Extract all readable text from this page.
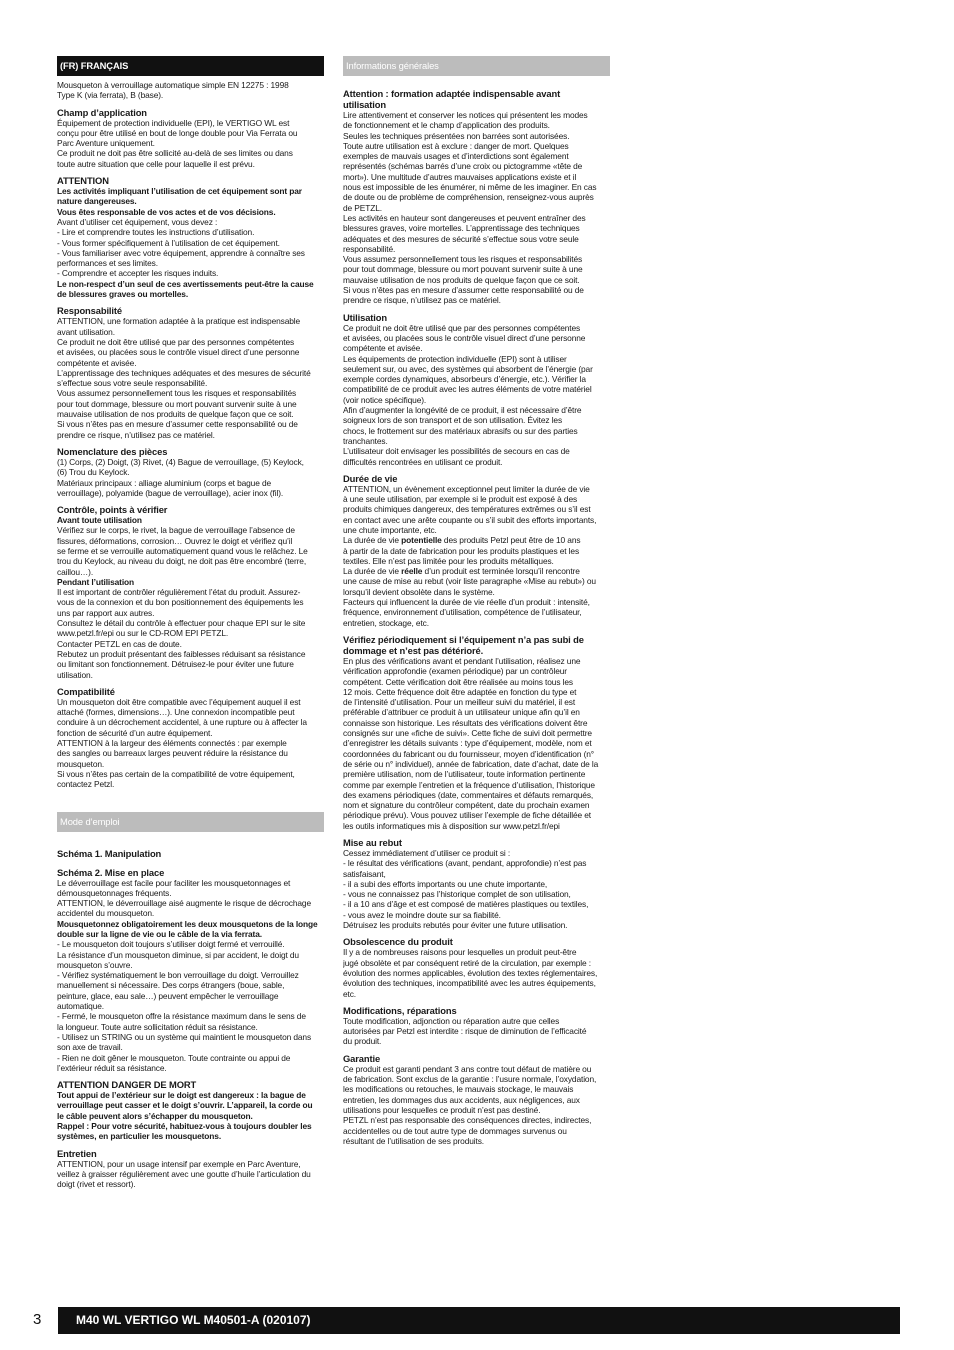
(FR) FRANÇAIS

Mousqueton à verrouillage automatique simple EN 12275 : 1998

Type K (via ferrata), B (base).

Champ d’application

Équipement de protection individuelle (EPI), le VERTIGO WL est

conçu pour être utilisé en bout de longe double pour Via Ferrata ou

Parc Aventure uniquement.

Ce produit ne doit pas être sollicité au-delà de ses limites ou dans

toute autre situation que celle pour laquelle il est prévu.

ATTENTION

Les activités impliquant l’utilisation de cet équipement sont par

nature dangereuses.

Vous êtes responsable de vos actes et de vos décisions.

Avant d’utiliser cet équipement, vous devez :

- Lire et comprendre toutes les instructions d’utilisation.

- Vous former spécifiquement à l’utilisation de cet équipement.

- Vous familiariser avec votre équipement, apprendre à connaître ses

performances et ses limites.

- Comprendre et accepter les risques induits.

Le non-respect d’un seul de ces avertissements peut-être la cause

de blessures graves ou mortelles.

Responsabilité

ATTENTION, une formation adaptée à la pratique est indispensable

avant utilisation.

Ce produit ne doit être utilisé que par des personnes compétentes

et avisées, ou placées sous le contrôle visuel direct d’une personne

compétente et avisée.

L’apprentissage des techniques adéquates et des mesures de sécurité

s’effectue sous votre seule responsabilité.

Vous assumez personnellement tous les risques et responsabilités

pour tout dommage, blessure ou mort pouvant survenir suite à une

mauvaise utilisation de nos produits de quelque façon que ce soit.

Si vous n’êtes pas en mesure d’assumer cette responsabilité ou de

prendre ce risque, n’utilisez pas ce matériel.

Nomenclature des pièces

(1) Corps, (2) Doigt, (3) Rivet, (4) Bague de verrouillage, (5) Keylock,

(6) Trou du Keylock.

Matériaux principaux : alliage aluminium (corps et bague de

verrouillage), polyamide (bague de verrouillage), acier inox (fil).

Contrôle, points à vérifier
Avant toute utilisation

Vérifiez sur le corps, le rivet, la bague de verrouillage l’absence de

fissures, déformations, corrosion… Ouvrez le doigt et vérifiez qu’il

se ferme et se verrouille automatiquement quand vous le relâchez. Le

trou du Keylock, au niveau du doigt, ne doit pas être encombré (terre,

caillou…).

Pendant l’utilisation

Il est important de contrôler régulièrement l’état du produit. Assurez-

vous de la connexion et du bon positionnement des équipements les

uns par rapport aux autres.

Consultez le détail du contrôle à effectuer pour chaque EPI sur le site

www.petzl.fr/epi ou sur le CD-ROM EPI PETZL.

Contacter PETZL en cas de doute.

Rebutez un produit présentant des faiblesses réduisant sa résistance

ou limitant son fonctionnement. Détruisez-le pour éviter une future

utilisation.

Compatibilité

Un mousqueton doit être compatible avec l’équipement auquel il est

attaché (formes, dimensions…). Une connexion incompatible peut

conduire à un décrochement accidentel, à une rupture ou à affecter la

fonction de sécurité d’un autre équipement.

ATTENTION à la largeur des éléments connectés : par exemple

des sangles ou barreaux larges peuvent réduire la résistance du

mousqueton.

Si vous n’êtes pas certain de la compatibilité de votre équipement,

contactez Petzl.

Mode d’emploi
Schéma 1. Manipulation
Schéma 2. Mise en place

Le déverrouillage est facile pour faciliter les mousquetonnages et

démousquetonnages fréquents.

ATTENTION, le déverrouillage aisé augmente le risque de décrochage

accidentel du mousqueton.

Mousquetonnez obligatoirement les deux mousquetons de la longe

double sur la ligne de vie ou le câble de la via ferrata.

- Le mousqueton doit toujours s’utiliser doigt fermé et verrouillé.

La résistance d’un mousqueton diminue, si par accident, le doigt du

mousqueton s’ouvre.

- Vérifiez systématiquement le bon verrouillage du doigt. Verrouillez

manuellement si nécessaire. Des corps étrangers (boue, sable,

peinture, glace, eau sale…) peuvent empêcher le verrouillage

automatique.

- Fermé, le mousqueton offre la résistance maximum dans le sens de

la longueur. Toute autre sollicitation réduit sa résistance.

- Utilisez un STRING ou un système qui maintient le mousqueton dans

son axe de travail.

- Rien ne doit gêner le mousqueton. Toute contrainte ou appui de

l’extérieur réduit sa résistance.

ATTENTION DANGER DE MORT

Tout appui de l’extérieur sur le doigt est dangereux : la bague de

verrouillage peut casser et le doigt s’ouvrir. L’appareil, la corde ou

le câble peuvent alors s’échapper du mousqueton.

Rappel : Pour votre sécurité, habituez-vous à toujours doubler les

systèmes, en particulier les mousquetons.

Entretien

ATTENTION, pour un usage intensif par exemple en Parc Aventure,

veillez à graisser régulièrement avec une goutte d’huile l’articulation du

doigt (rivet et ressort).

Informations générales

Attention : formation adaptée indispensable avant

utilisation

Lire attentivement et conserver les notices qui présentent les modes

de fonctionnement et le champ d’application des produits.

Seules les techniques présentées non barrées sont autorisées.

Toute autre utilisation est à exclure : danger de mort. Quelques

exemples de mauvais usages et d’interdictions sont également

représentés (schémas barrés d’une croix ou pictogramme «tête de

mort»). Une multitude d’autres mauvaises applications existe et il

nous est impossible de les énumérer, ni même de les imaginer. En cas

de doute ou de problème de compréhension, renseignez-vous auprès

de PETZL.

Les activités en hauteur sont dangereuses et peuvent entraîner des

blessures graves, voire mortelles. L’apprentissage des techniques

adéquates et des mesures de sécurité s’effectue sous votre seule

responsabilité.

Vous assumez personnellement tous les risques et responsabilités

pour tout dommage, blessure ou mort pouvant survenir suite à une

mauvaise utilisation de nos produits de quelque façon que ce soit.

Si vous n’êtes pas en mesure d’assumer cette responsabilité ou de

prendre ce risque, n’utilisez pas ce matériel.

Utilisation

Ce produit ne doit être utilisé que par des personnes compétentes

et avisées, ou placées sous le contrôle visuel direct d’une personne

compétente et avisée.

Les équipements de protection individuelle (EPI) sont à utiliser

seulement sur, ou avec, des systèmes qui absorbent de l’énergie (par

exemple cordes dynamiques, absorbeurs d’énergie, etc.). Vérifier la

compatibilité de ce produit avec les autres éléments de votre matériel

(voir notice spécifique).

Afin d’augmenter la longévité de ce produit, il est nécessaire d’être

soigneux lors de son transport et de son utilisation. Évitez les

chocs, le frottement sur des matériaux abrasifs ou sur des parties

tranchantes.

L’utilisateur doit envisager les possibilités de secours en cas de

difficultés rencontrées en utilisant ce produit.

Durée de vie

ATTENTION, un évènement exceptionnel peut limiter la durée de vie

à une seule utilisation, par exemple si le produit est exposé à des

produits chimiques dangereux, des températures extrêmes ou s’il est

en contact avec une arête coupante ou s’il subit des efforts importants,

une chute importante, etc.

La durée de vie potentielle des produits Petzl peut être de 10 ans

à partir de la date de fabrication pour les produits plastiques et les

textiles. Elle n’est pas limitée pour les produits métalliques.

La durée de vie réelle d’un produit est terminée lorsqu’il rencontre

une cause de mise au rebut (voir liste paragraphe «Mise au rebut») ou

lorsqu’il devient obsolète dans le système.

Facteurs qui influencent la durée de vie réelle d’un produit : intensité,

fréquence, environnement d’utilisation, compétence de l’utilisateur,

entretien, stockage, etc.

Vérifiez périodiquement si l’équipement n’a pas subi de

dommage et n’est pas détérioré.

En plus des vérifications avant et pendant l’utilisation, réalisez une

vérification approfondie (examen périodique) par un contrôleur

compétent. Cette vérification doit être réalisée au moins tous les

12 mois. Cette fréquence doit être adaptée en fonction du type et

de l’intensité d’utilisation. Pour un meilleur suivi du matériel, il est

préférable d’attribuer ce produit à un utilisateur unique afin qu’il en

connaisse son historique. Les résultats des vérifications doivent être

consignés sur une «fiche de suivi». Cette fiche de suivi doit permettre

d’enregistrer les détails suivants : type d’équipement, modèle, nom et

coordonnées du fabricant ou du fournisseur, moyen d’identification (n°

de série ou n° individuel), année de fabrication, date d’achat, date de la

première utilisation, nom de l’utilisateur, toute information pertinente

comme par exemple l’entretien et la fréquence d’utilisation, l’historique

des examens périodiques (date, commentaires et défauts remarqués,

nom et signature du contrôleur compétent, date du prochain examen

périodique prévu). Vous pouvez utiliser l’exemple de fiche détaillée et

les outils informatiques mis à disposition sur www.petzl.fr/epi

Mise au rebut

Cessez immédiatement d’utiliser ce produit si :

- le résultat des vérifications (avant, pendant, approfondie) n’est pas

satisfaisant,

- il a subi des efforts importants ou une chute importante,

- vous ne connaissez pas l’historique complet de son utilisation,

- il a 10 ans d’âge et est composé de matières plastiques ou textiles,

- vous avez le moindre doute sur sa fiabilité.

Détruisez les produits rebutés pour éviter une future utilisation.

Obsolescence du produit

Il y a de nombreuses raisons pour lesquelles un produit peut-être

jugé obsolète et par conséquent retiré de la circulation, par exemple :

évolution des normes applicables, évolution des textes réglementaires,

évolution des techniques, incompatibilité avec les autres équipements,

etc.

Modifications, réparations

Toute modification, adjonction ou réparation autre que celles

autorisées par Petzl est interdite : risque de diminution de l’efficacité

du produit.

Garantie

Ce produit est garanti pendant 3 ans contre tout défaut de matière ou

de fabrication. Sont exclus de la garantie : l’usure normale, l’oxydation,

les modifications ou retouches, le mauvais stockage, le mauvais

entretien, les dommages dus aux accidents, aux négligences, aux

utilisations pour lesquelles ce produit n’est pas destiné.

PETZL n’est pas responsable des conséquences directes, indirectes,

accidentelles ou de tout autre type de dommages survenus ou

résultant de l’utilisation de ses produits.

3	M40 WL VERTIGO WL M40501-A (020107)
